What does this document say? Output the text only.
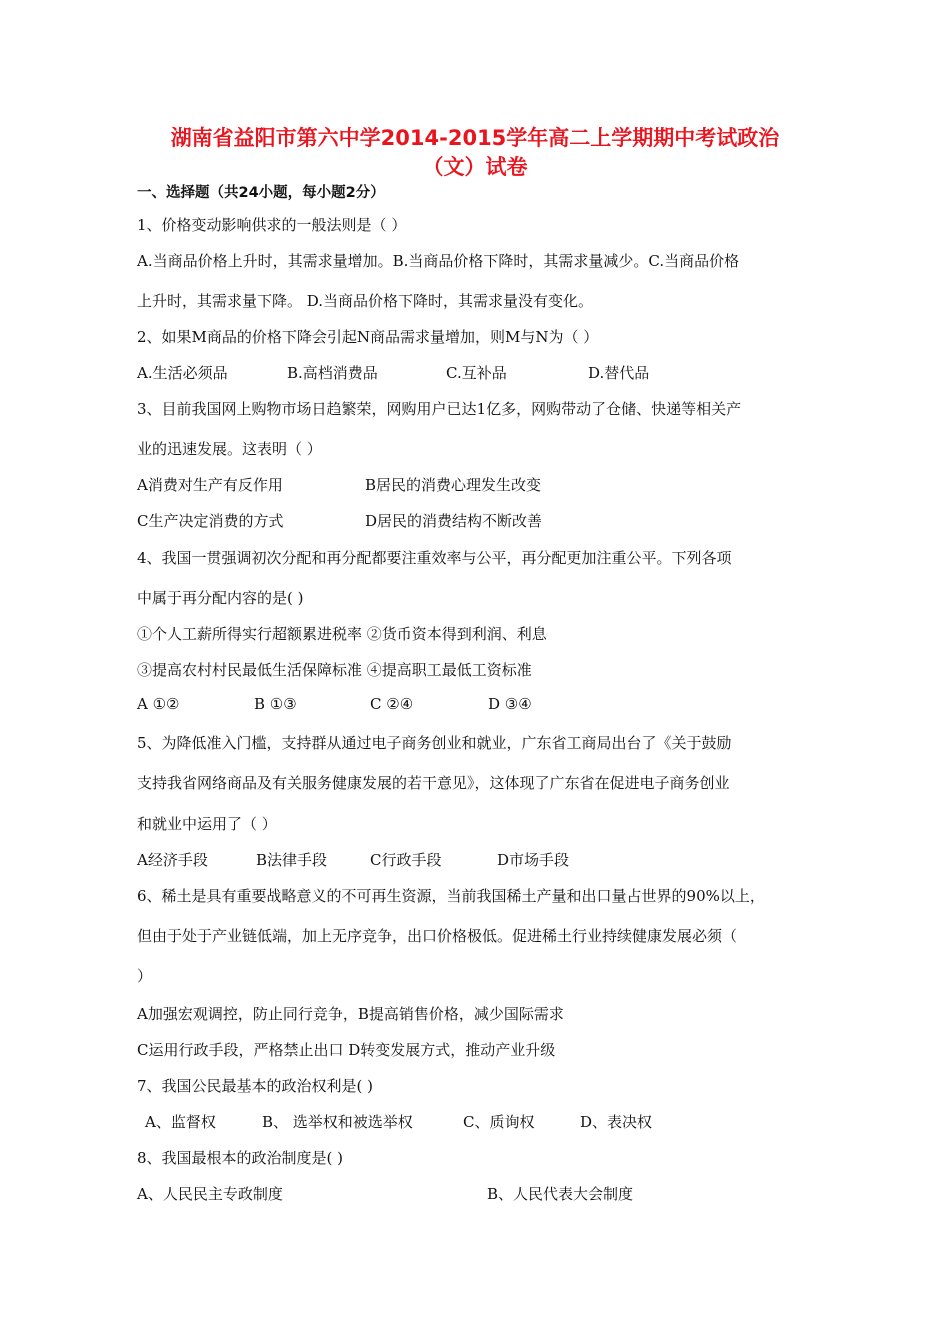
湖南省益阳市第六中学2014-2015学年高二上学期期中考试政治
（文）试卷
一、选择题（共24小题，每小题2分）
1、价格变动影响供求的一般法则是（ ）
A.当商品价格上升时，其需求量增加。B.当商品价格下降时，其需求量减少。C.当商品价格
上升时，其需求量下降。 D.当商品价格下降时，其需求量没有变化。
2、如果M商品的价格下降会引起N商品需求量增加，则M与N为（ ）
A.生活必须品	B.高档消费品	C.互补品	D.替代品
3、目前我国网上购物市场日趋繁荣，网购用户已达1亿多，网购带动了仓储、快递等相关产
业的迅速发展。这表明（ ）
A消费对生产有反作用	B居民的消费心理发生改变
C生产决定消费的方式	D居民的消费结构不断改善
4、我国一贯强调初次分配和再分配都要注重效率与公平，再分配更加注重公平。下列各项
中属于再分配内容的是( )
①个人工薪所得实行超额累进税率 ②货币资本得到利润、利息
③提高农村村民最低生活保障标准 ④提高职工最低工资标准
A ①②	B ①③	C ②④	D ③④
5、为降低准入门槛，支持群从通过电子商务创业和就业，广东省工商局出台了《关于鼓励
支持我省网络商品及有关服务健康发展的若干意见》，这体现了广东省在促进电子商务创业
和就业中运用了（ ）
A经济手段	B法律手段	C行政手段	D市场手段
6、稀土是具有重要战略意义的不可再生资源，当前我国稀土产量和出口量占世界的90%以上，
但由于处于产业链低端，加上无序竞争，出口价格极低。促进稀土行业持续健康发展必须（
）
A加强宏观调控，防止同行竞争，B提高销售价格，减少国际需求
C运用行政手段，严格禁止出口 D转变发展方式，推动产业升级
7、我国公民最基本的政治权利是( )
A、监督权	B、 选举权和被选举权	C、质询权	D、表决权
8、我国最根本的政治制度是( )
A、人民民主专政制度	B、人民代表大会制度
